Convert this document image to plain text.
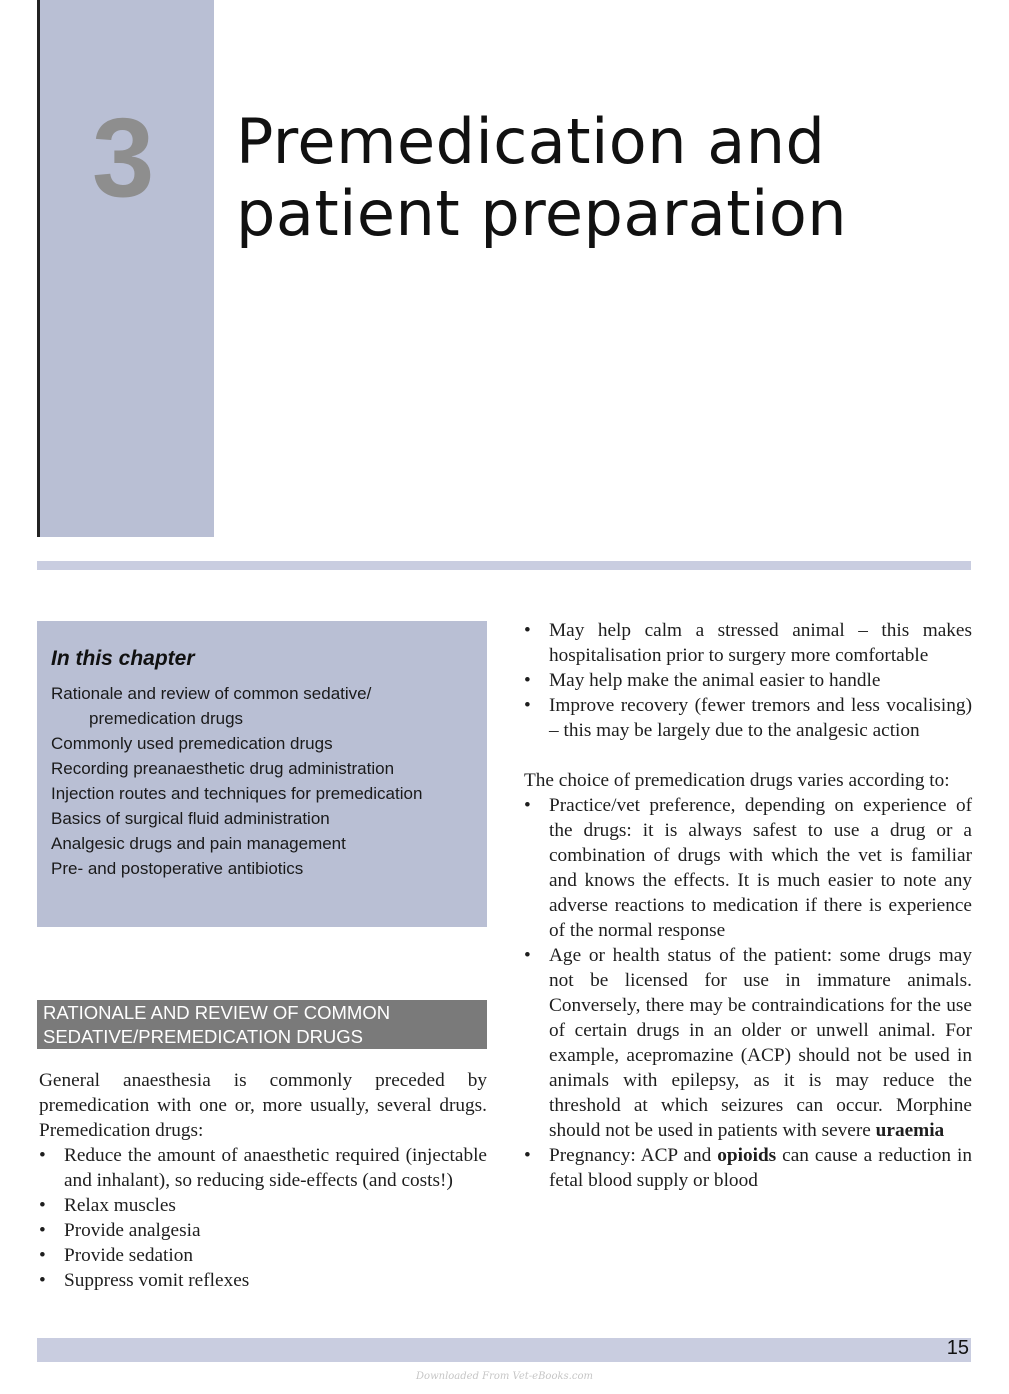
3 Premedication and
patient preparation
In this chapter
Rationale and review of common sedative/ premedication drugs
Commonly used premedication drugs
Recording preanaesthetic drug administration
Injection routes and techniques for premedication
Basics of surgical fluid administration
Analgesic drugs and pain management
Pre- and postoperative antibiotics
RATIONALE AND REVIEW OF COMMON
SEDATIVE/PREMEDICATION DRUGS

General anaesthesia is commonly preceded by premedication with one or, more usually, several drugs. Premedication drugs:

• Reduce the amount of anaesthetic required (injectable and inhalant), so reducing side-effects (and costs!)
• Relax muscles
• Provide analgesia
• Provide sedation
• Suppress vomit reflexes
• May help calm a stressed animal – this makes hospitalisation prior to surgery more comfortable
• May help make the animal easier to handle
• Improve recovery (fewer tremors and less vocalising) – this may be largely due to the analgesic action

The choice of premedication drugs varies according to:

• Practice/vet preference, depending on experience of the drugs: it is always safest to use a drug or a combination of drugs with which the vet is familiar and knows the effects. It is much easier to note any adverse reactions to medication if there is experience of the normal response
• Age or health status of the patient: some drugs may not be licensed for use in immature animals. Conversely, there may be contraindications for the use of certain drugs in an older or unwell animal. For example, acepromazine (ACP) should not be used in animals with epilepsy, as it is may reduce the threshold at which seizures can occur. Morphine should not be used in patients with severe uraemia
• Pregnancy: ACP and opioids can cause a reduction in fetal blood supply or blood
15
Downloaded From Vet-eBooks.com
